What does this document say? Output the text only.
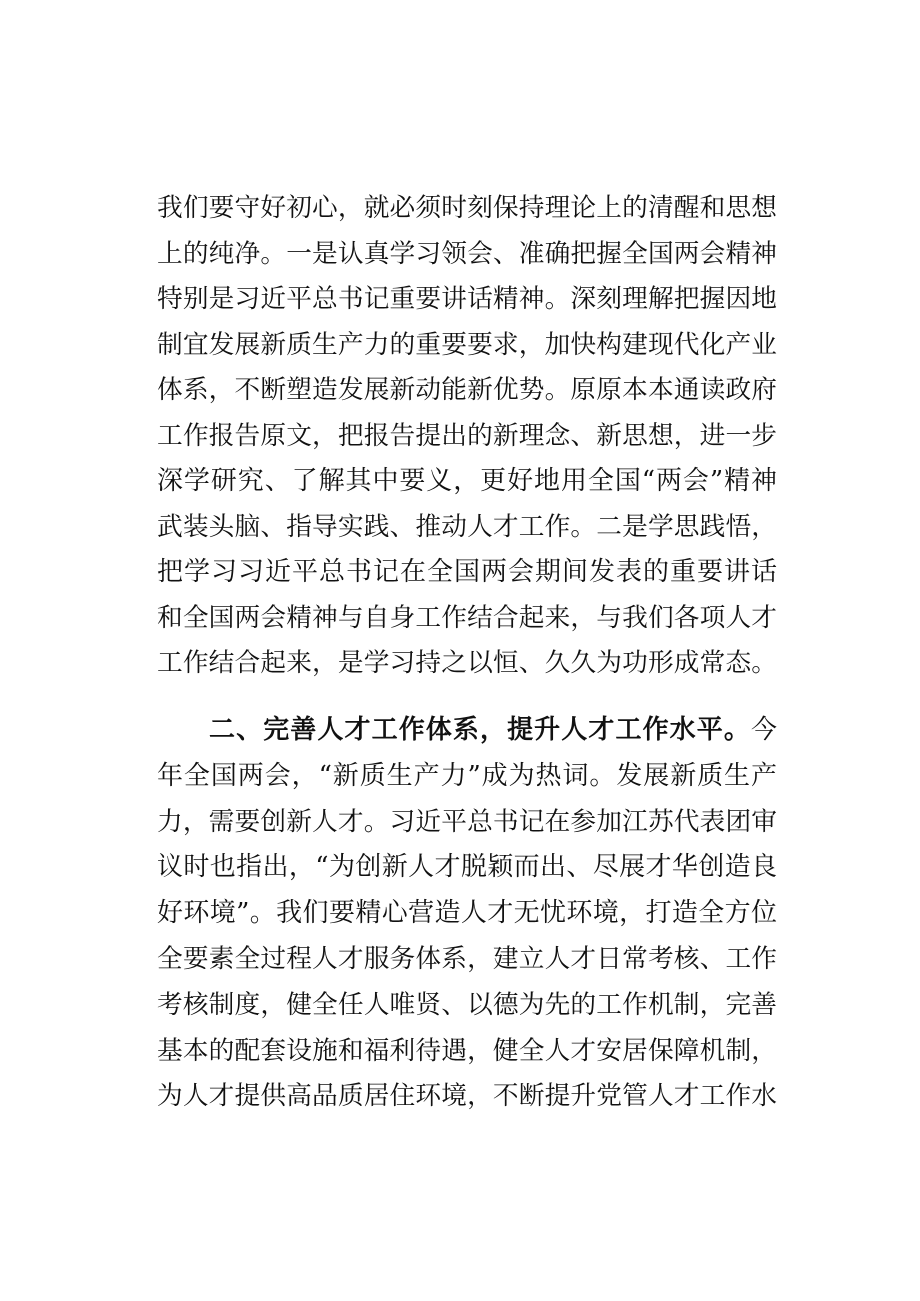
我们要守好初心，就必须时刻保持理论上的清醒和思想
上的纯净。一是认真学习领会、准确把握全国两会精神
特别是习近平总书记重要讲话精神。深刻理解把握因地
制宜发展新质生产力的重要要求，加快构建现代化产业
体系，不断塑造发展新动能新优势。原原本本通读政府
工作报告原文，把报告提出的新理念、新思想，进一步
深学研究、了解其中要义，更好地用全国“两会”精神
武装头脑、指导实践、推动人才工作。二是学思践悟，
把学习习近平总书记在全国两会期间发表的重要讲话
和全国两会精神与自身工作结合起来，与我们各项人才
工作结合起来，是学习持之以恒、久久为功形成常态。
二、完善人才工作体系，提升人才工作水平。今
年全国两会，“新质生产力”成为热词。发展新质生产
力，需要创新人才。习近平总书记在参加江苏代表团审
议时也指出，“为创新人才脱颖而出、尽展才华创造良
好环境”。我们要精心营造人才无忧环境，打造全方位
全要素全过程人才服务体系，建立人才日常考核、工作
考核制度，健全任人唯贤、以德为先的工作机制，完善
基本的配套设施和福利待遇，健全人才安居保障机制，
为人才提供高品质居住环境，不断提升党管人才工作水
